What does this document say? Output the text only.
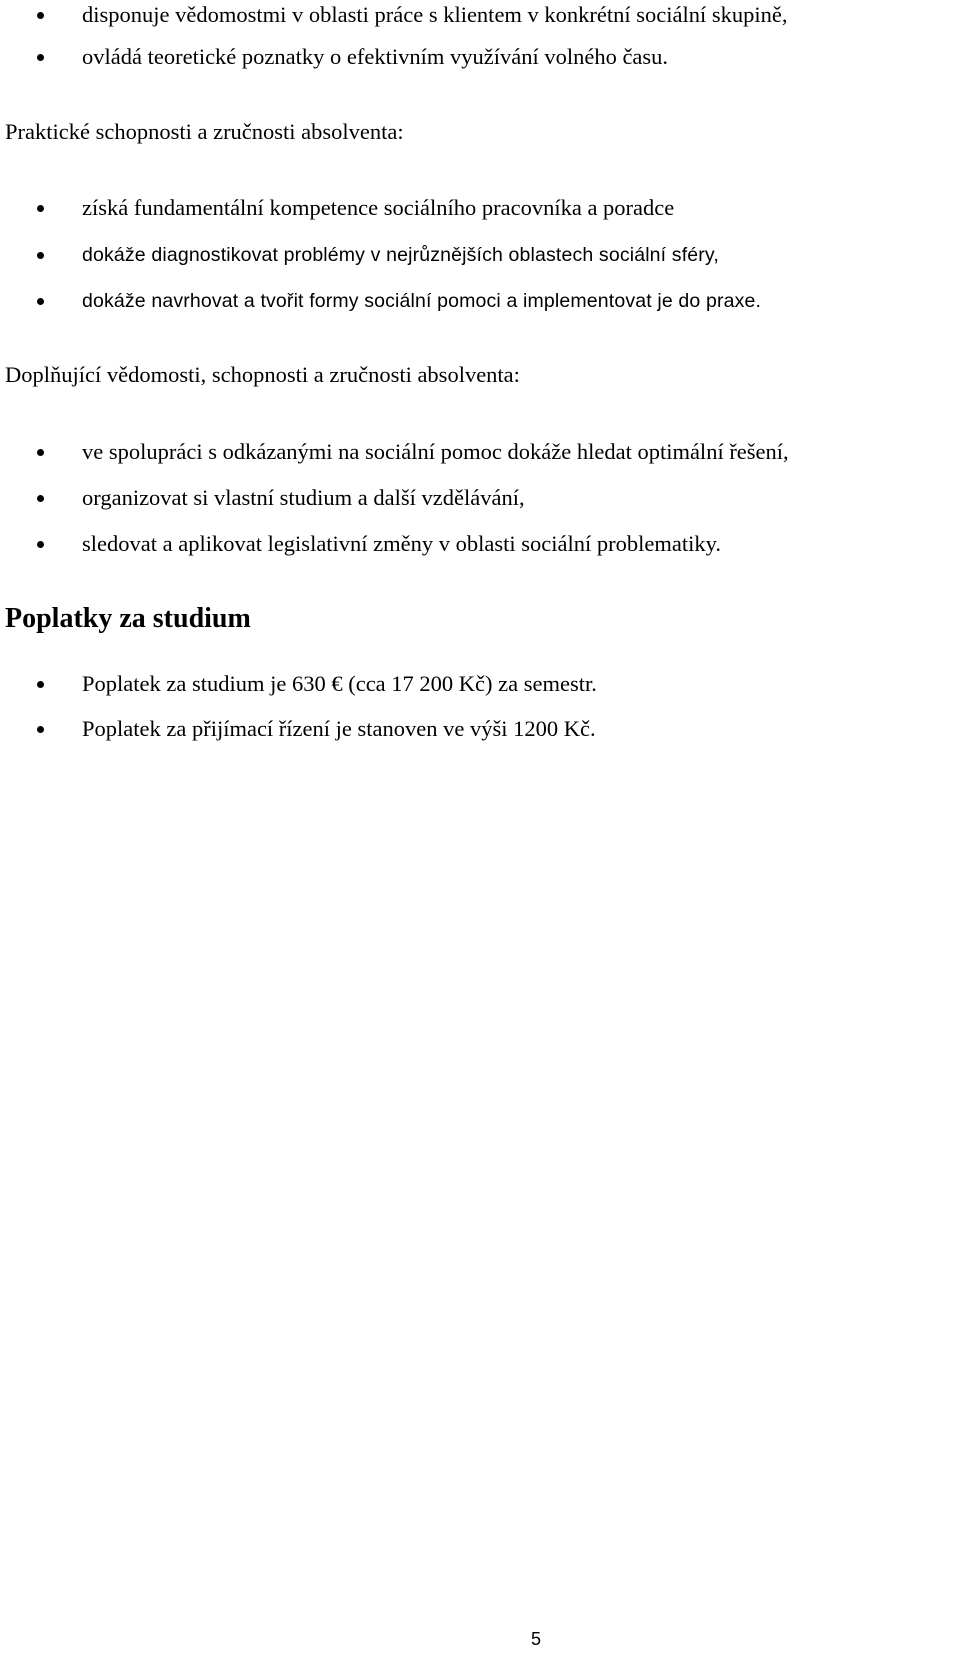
disponuje vědomostmi v oblasti práce s klientem v konkrétní sociální skupině,
ovládá teoretické poznatky o efektivním využívání volného času.
Praktické schopnosti a zručnosti absolventa:
získá fundamentální kompetence sociálního pracovníka a poradce
dokáže diagnostikovat problémy v nejrůznějších oblastech sociální sféry,
dokáže navrhovat a tvořit formy sociální pomoci a implementovat je do praxe.
Doplňující vědomosti, schopnosti a zručnosti absolventa:
ve spolupráci s odkázanými na sociální pomoc dokáže hledat optimální řešení,
organizovat si vlastní studium a další vzdělávání,
sledovat a aplikovat legislativní změny v oblasti sociální problematiky.
Poplatky za studium
Poplatek za studium je 630 € (cca 17 200 Kč) za semestr.
Poplatek za přijímací řízení je stanoven ve výši 1200 Kč.
5
